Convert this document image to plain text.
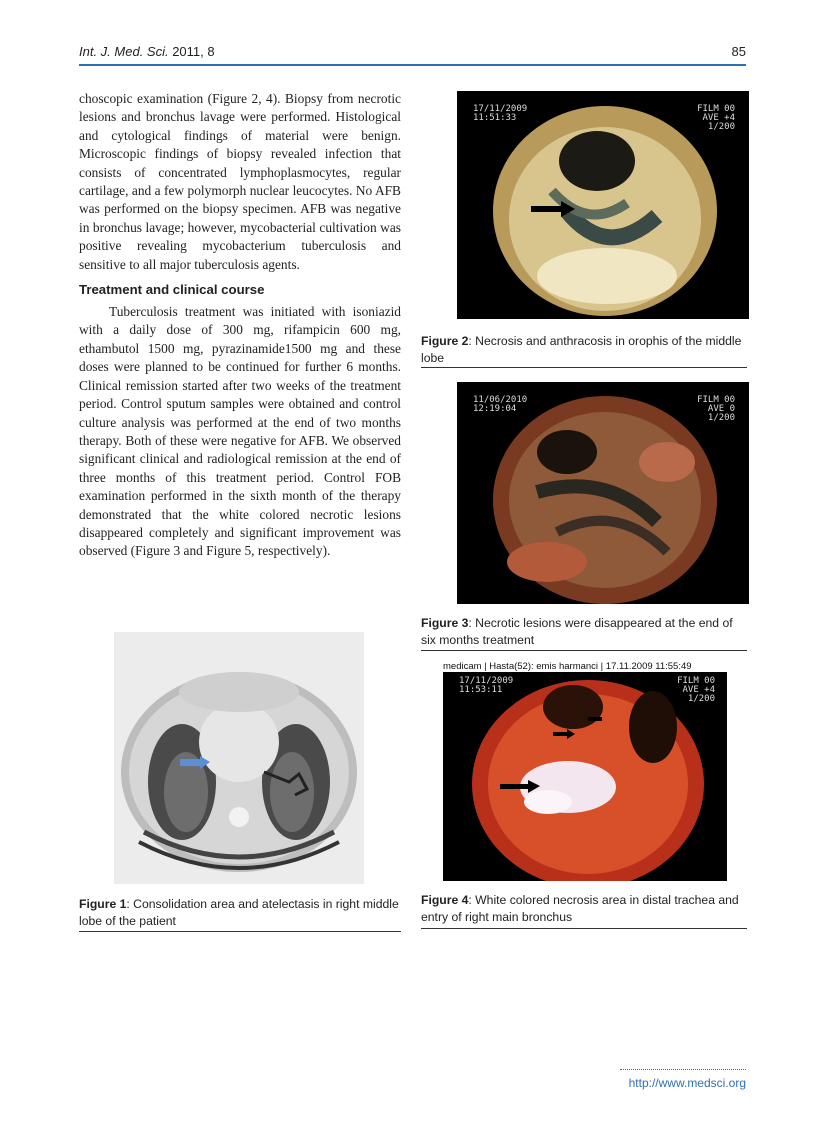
Int. J. Med. Sci. 2011, 8	85

choscopic examination (Figure 2, 4). Biopsy from necrotic lesions and bronchus lavage were performed. Histological and cytological findings of material were benign. Microscopic findings of biopsy revealed infection that consists of concentrated lymphoplasmocytes, regular cartilage, and a few polymorph nuclear leucocytes. No AFB was performed on the biopsy specimen. AFB was negative in bronchus lavage; however, mycobacterial cultivation was positive revealing mycobacterium tuberculosis and sensitive to all major tuberculosis agents.

Treatment and clinical course

Tuberculosis treatment was initiated with isoniazid with a daily dose of 300 mg, rifampicin 600 mg, ethambutol 1500 mg, pyrazinamide1500 mg and these doses were planned to be continued for further 6 months. Clinical remission started after two weeks of the treatment period. Control sputum samples were obtained and control culture analysis was performed at the end of two months therapy. Both of these were negative for AFB. We observed significant clinical and radiological remission at the end of three months of this treatment period. Control FOB examination performed in the sixth month of the therapy demonstrated that the white colored necrotic lesions disappeared completely and significant improvement was observed (Figure 3 and Figure 5, respectively).

Figure 1: Consolidation area and atelectasis in right middle lobe of the patient
17/11/2009
11:51:33
FILM 00
AVE +4
1/200
Figure 2: Necrosis and anthracosis in orophis of the middle lobe
11/06/2010
12:19:04
FILM 00
AVE 0
1/200
Figure 3: Necrotic lesions were disappeared at the end of six months treatment
medicam | Hasta(52): emis harmanci | 17.11.2009 11:55:49
17/11/2009
11:53:11
FILM 00
AVE +4
1/200
Figure 4: White colored necrosis area in distal trachea and entry of right main bronchus
http://www.medsci.org
